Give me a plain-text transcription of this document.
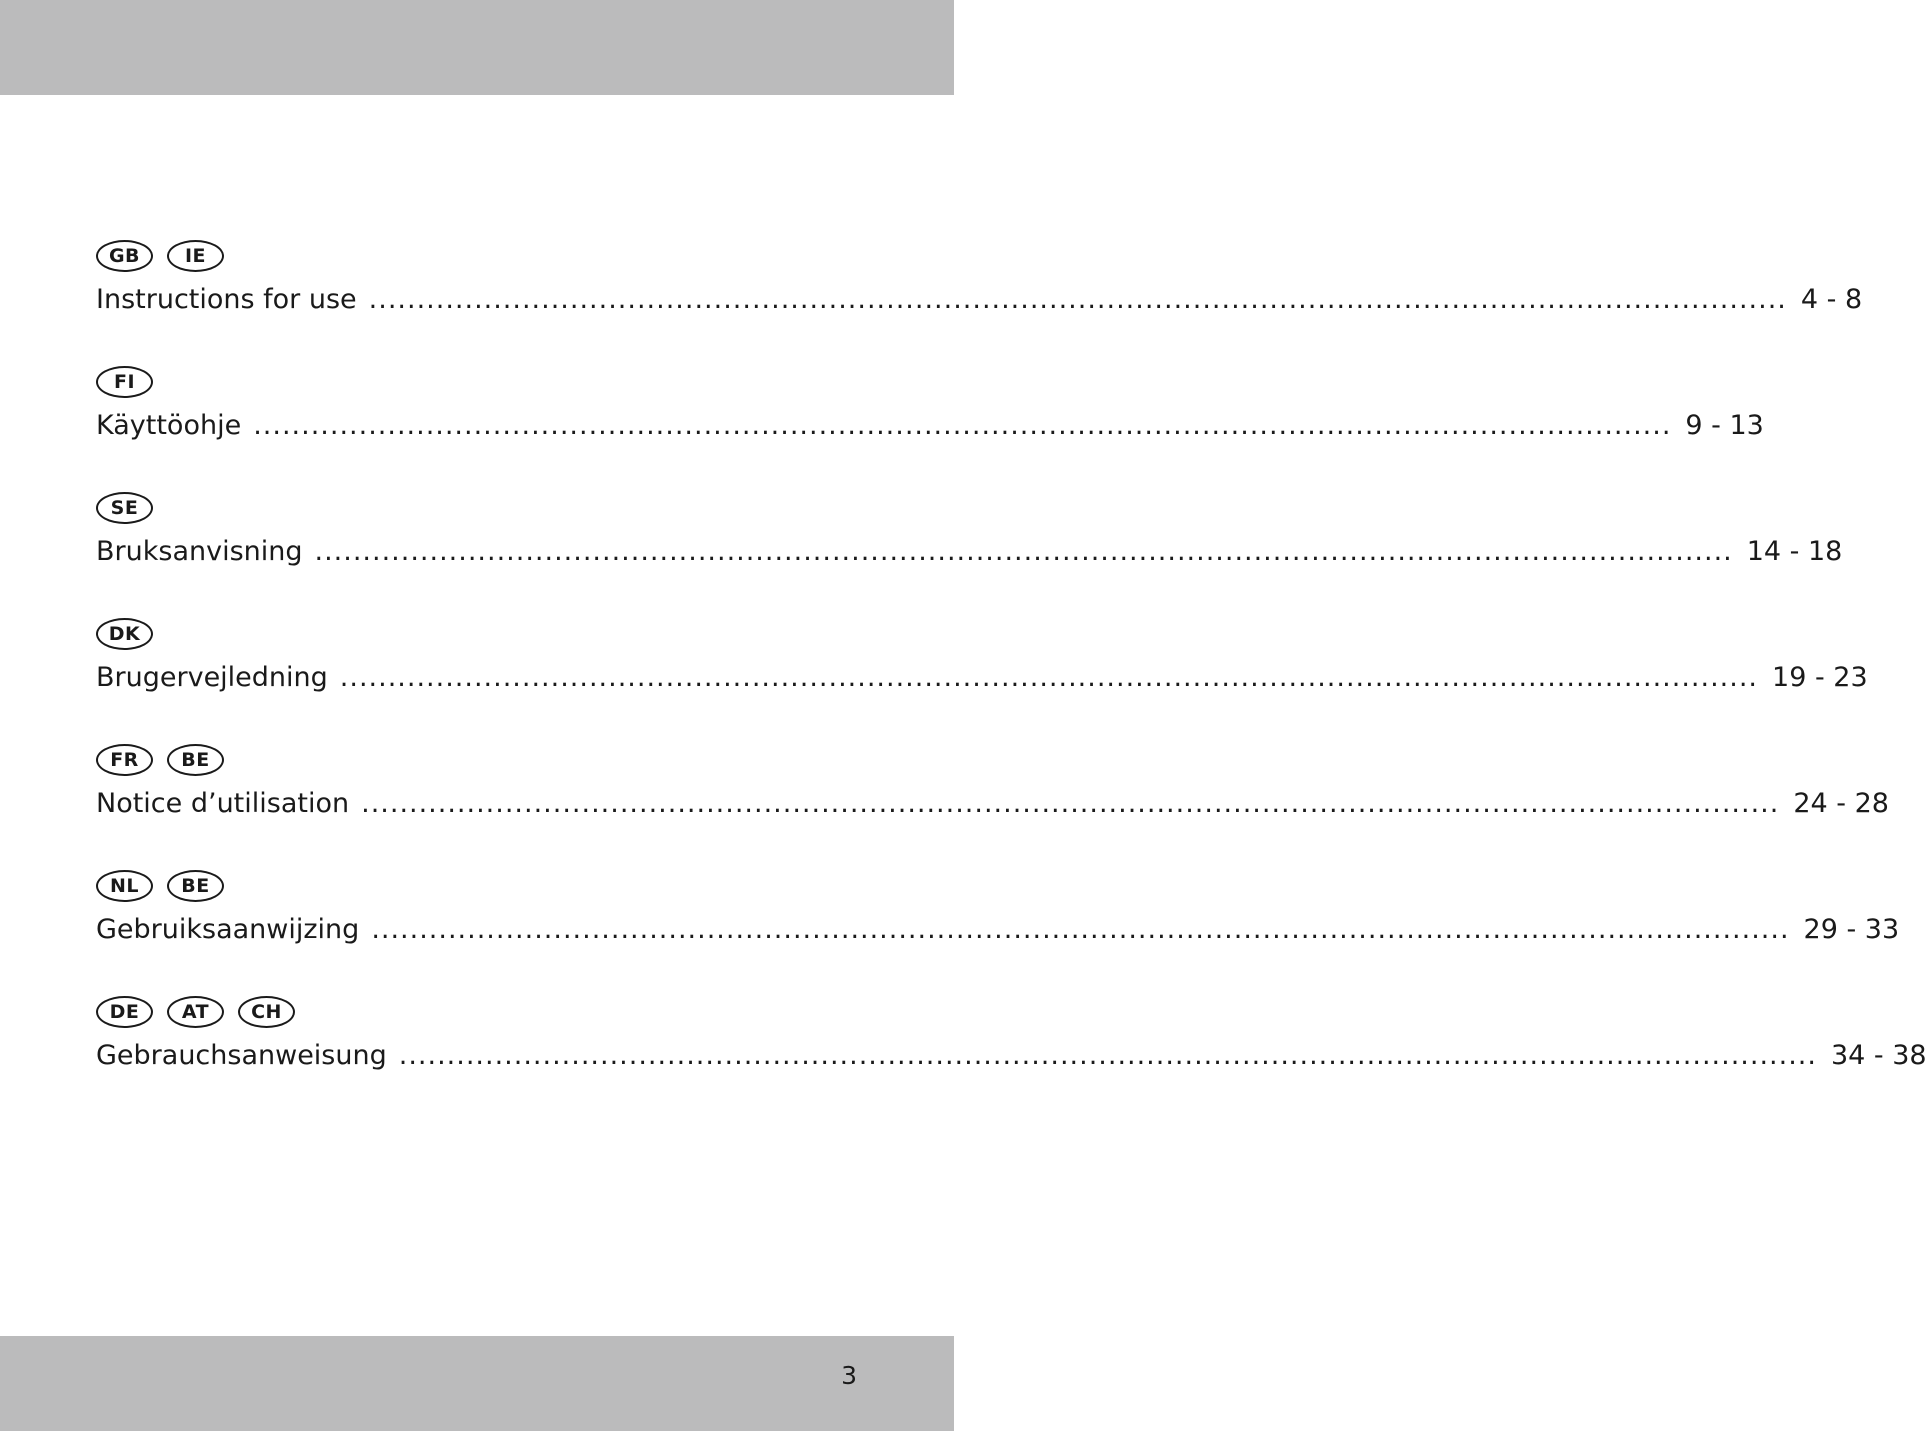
GB	IE
Instructions for use .................................................................................................................................................... 4 - 8
FI
Käyttöohje .................................................................................................................................................... 9 - 13
SE
Bruksanvisning .................................................................................................................................................... 14 - 18
DK
Brugervejledning .................................................................................................................................................... 19 - 23
FR	BE
Notice d’utilisation .................................................................................................................................................... 24 - 28
NL	BE
Gebruiksaanwijzing .................................................................................................................................................... 29 - 33
DE	AT	CH
Gebrauchsanweisung .................................................................................................................................................... 34 - 38
3
